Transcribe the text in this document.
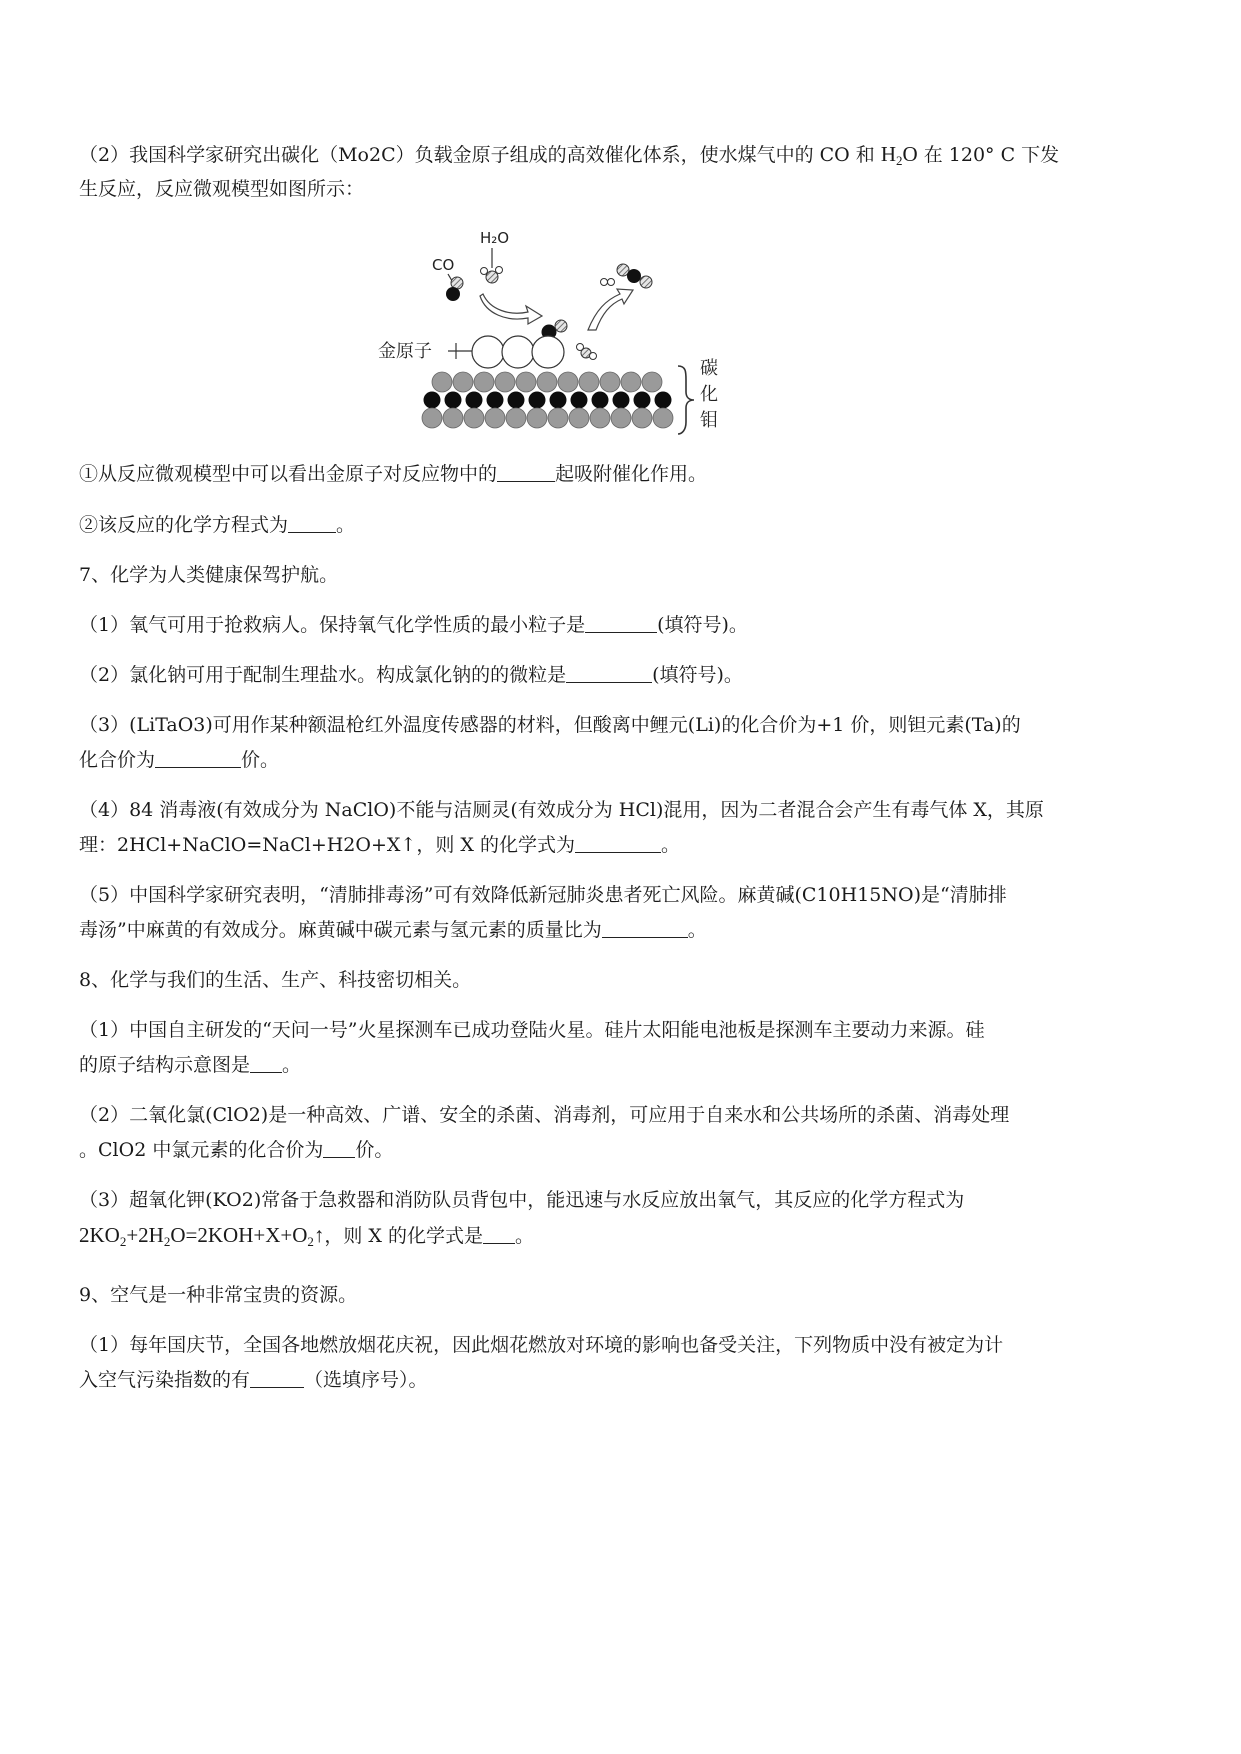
（2）我国科学家研究出碳化（Mo2C）负载金原子组成的高效催化体系，使水煤气中的 CO 和 $H_2O$ 在 120° C 下发
生反应，反应微观模型如图所示：
H₂O
CO
金原子
碳
化
钼
①从反应微观模型中可以看出金原子对反应物中的	起吸附催化作用。
②该反应的化学方程式为	。
7、化学为人类健康保驾护航。
（1）氧气可用于抢救病人。保持氧气化学性质的最小粒子是	(填符号)。
（2）氯化钠可用于配制生理盐水。构成氯化钠的的微粒是	(填符号)。
（3）(LiTaO3)可用作某种额温枪红外温度传感器的材料，但酸离中鲤元(Li)的化合价为+1 价，则钽元素(Ta)的
化合价为	价。
（4）84 消毒液(有效成分为 NaClO)不能与洁厕灵(有效成分为 HCl)混用，因为二者混合会产生有毒气体 X，其原
理：2HCl+NaClO=NaCl+H2O+X↑，则 X 的化学式为	。
（5）中国科学家研究表明，“清肺排毒汤”可有效降低新冠肺炎患者死亡风险。麻黄碱(C10H15NO)是“清肺排
毒汤”中麻黄的有效成分。麻黄碱中碳元素与氢元素的质量比为	。
8、化学与我们的生活、生产、科技密切相关。
（1）中国自主研发的“天问一号”火星探测车已成功登陆火星。硅片太阳能电池板是探测车主要动力来源。硅
的原子结构示意图是 。
（2）二氧化氯(ClO2)是一种高效、广谱、安全的杀菌、消毒剂，可应用于自来水和公共场所的杀菌、消毒处理
。ClO2 中氯元素的化合价为 价。
（3）超氧化钾(KO2)常备于急救器和消防队员背包中，能迅速与水反应放出氧气，其反应的化学方程式为
$2KO_2+2H_2O=2KOH+X+O_2↑$，则 X 的化学式是 。
9、空气是一种非常宝贵的资源。
（1）每年国庆节，全国各地燃放烟花庆祝，因此烟花燃放对环境的影响也备受关注，下列物质中没有被定为计
入空气污染指数的有	（选填序号）。
